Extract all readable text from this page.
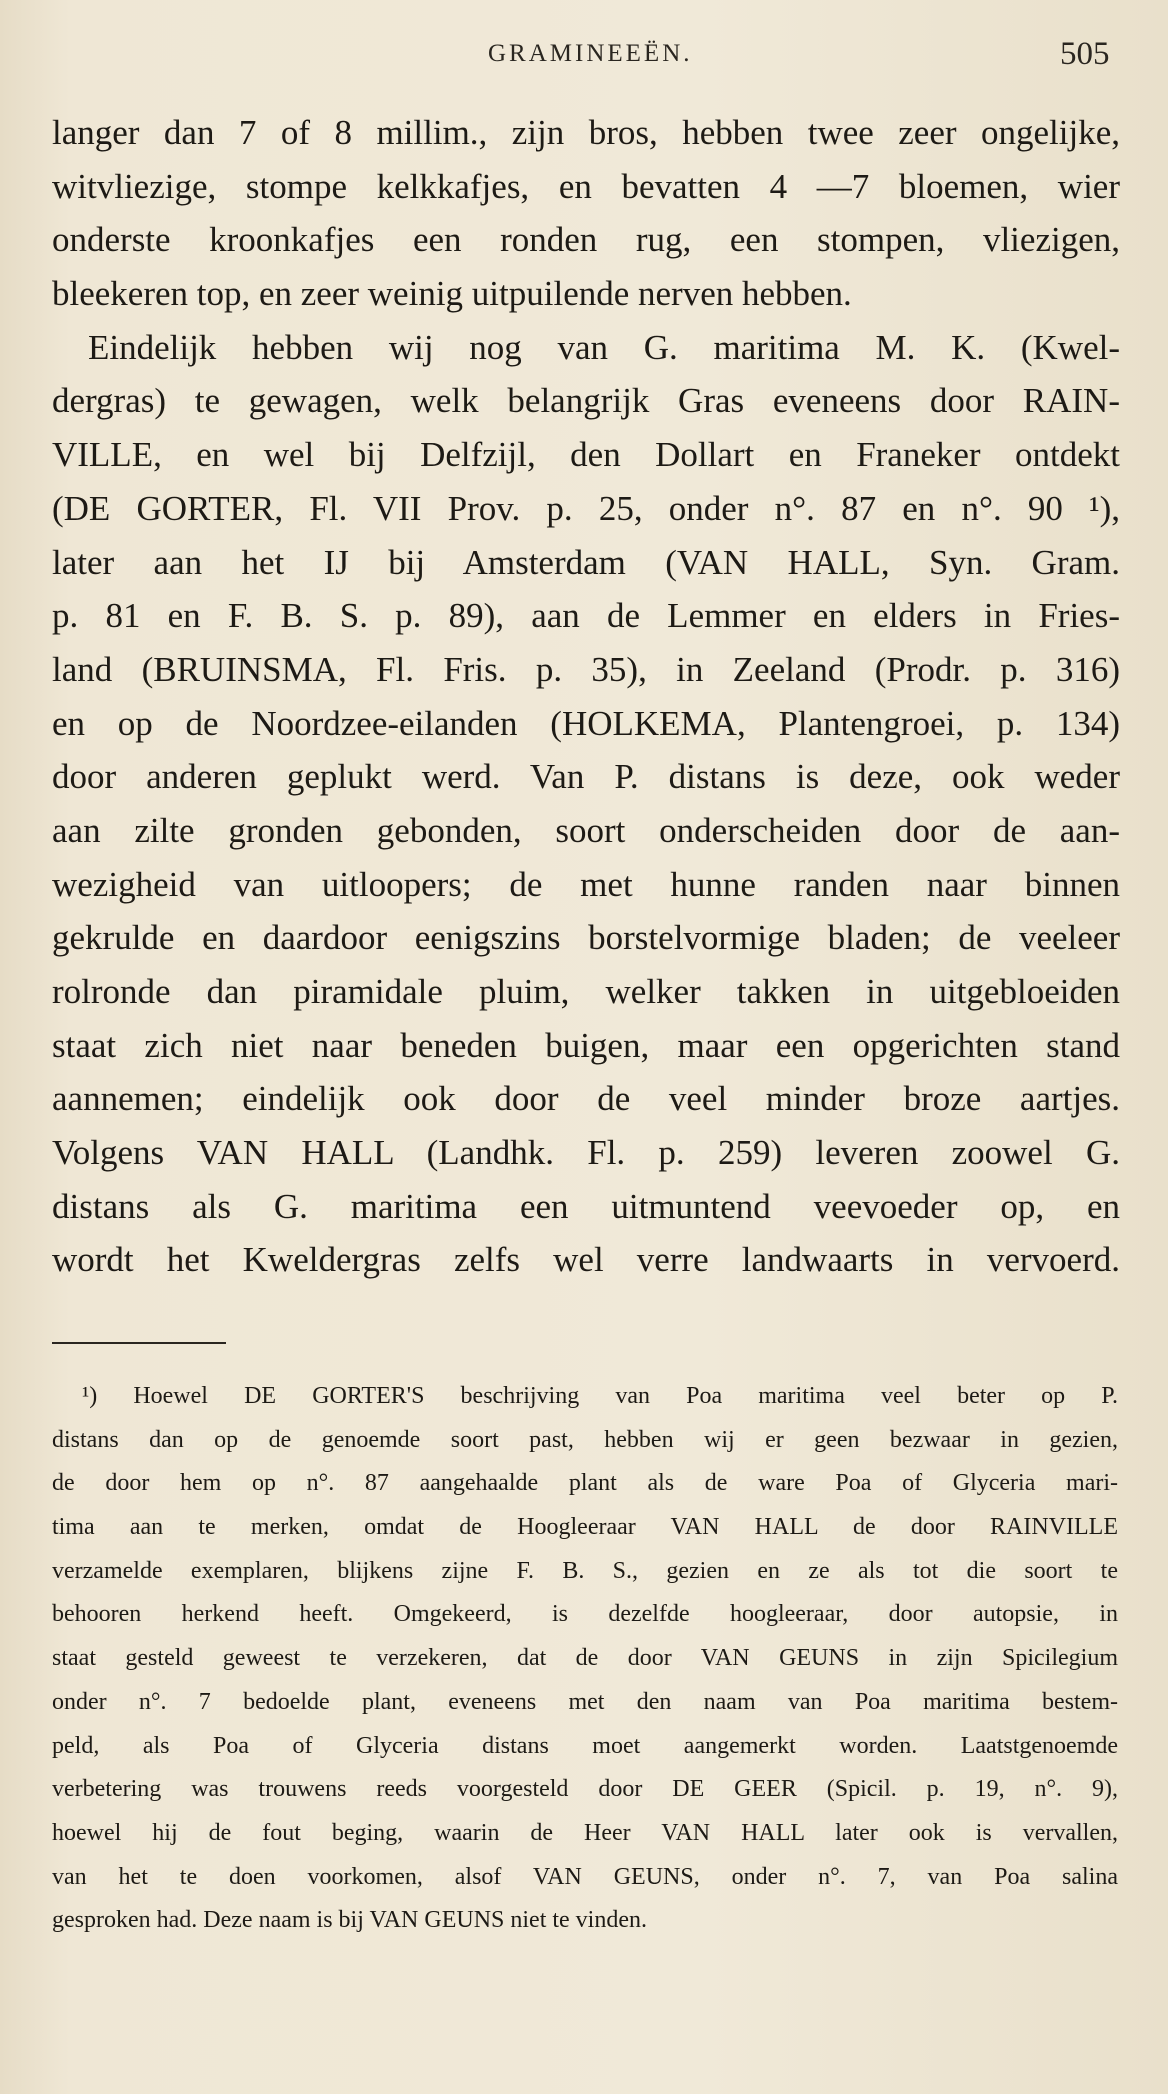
GRAMINEEËN.	505
langer dan 7 of 8 millim., zijn bros, hebben twee zeer ongelijke,
witvliezige, stompe kelkkafjes, en bevatten 4 —7 bloemen, wier
onderste kroonkafjes een ronden rug, een stompen, vliezigen,
bleekeren top, en zeer weinig uitpuilende nerven hebben.
Eindelijk hebben wij nog van G. maritima M. K. (Kwel-
dergras) te gewagen, welk belangrijk Gras eveneens door RAIN-
VILLE, en wel bij Delfzijl, den Dollart en Franeker ontdekt
(DE GORTER, Fl. VII Prov. p. 25, onder n°. 87 en n°. 90 ¹),
later aan het IJ bij Amsterdam (VAN HALL, Syn. Gram.
p. 81 en F. B. S. p. 89), aan de Lemmer en elders in Fries-
land (BRUINSMA, Fl. Fris. p. 35), in Zeeland (Prodr. p. 316)
en op de Noordzee-eilanden (HOLKEMA, Plantengroei, p. 134)
door anderen geplukt werd. Van P. distans is deze, ook weder
aan zilte gronden gebonden, soort onderscheiden door de aan-
wezigheid van uitloopers; de met hunne randen naar binnen
gekrulde en daardoor eenigszins borstelvormige bladen; de veeleer
rolronde dan piramidale pluim, welker takken in uitgebloeiden
staat zich niet naar beneden buigen, maar een opgerichten stand
aannemen; eindelijk ook door de veel minder broze aartjes.
Volgens VAN HALL (Landhk. Fl. p. 259) leveren zoowel G.
distans als G. maritima een uitmuntend veevoeder op, en
wordt het Kweldergras zelfs wel verre landwaarts in vervoerd.
¹) Hoewel DE GORTER'S beschrijving van Poa maritima veel beter op P.
distans dan op de genoemde soort past, hebben wij er geen bezwaar in gezien,
de door hem op n°. 87 aangehaalde plant als de ware Poa of Glyceria mari-
tima aan te merken, omdat de Hoogleeraar VAN HALL de door RAINVILLE
verzamelde exemplaren, blijkens zijne F. B. S., gezien en ze als tot die soort te
behooren herkend heeft. Omgekeerd, is dezelfde hoogleeraar, door autopsie, in
staat gesteld geweest te verzekeren, dat de door VAN GEUNS in zijn Spicilegium
onder n°. 7 bedoelde plant, eveneens met den naam van Poa maritima bestem-
peld, als Poa of Glyceria distans moet aangemerkt worden. Laatstgenoemde
verbetering was trouwens reeds voorgesteld door DE GEER (Spicil. p. 19, n°. 9),
hoewel hij de fout beging, waarin de Heer VAN HALL later ook is vervallen,
van het te doen voorkomen, alsof VAN GEUNS, onder n°. 7, van Poa salina
gesproken had. Deze naam is bij VAN GEUNS niet te vinden.
